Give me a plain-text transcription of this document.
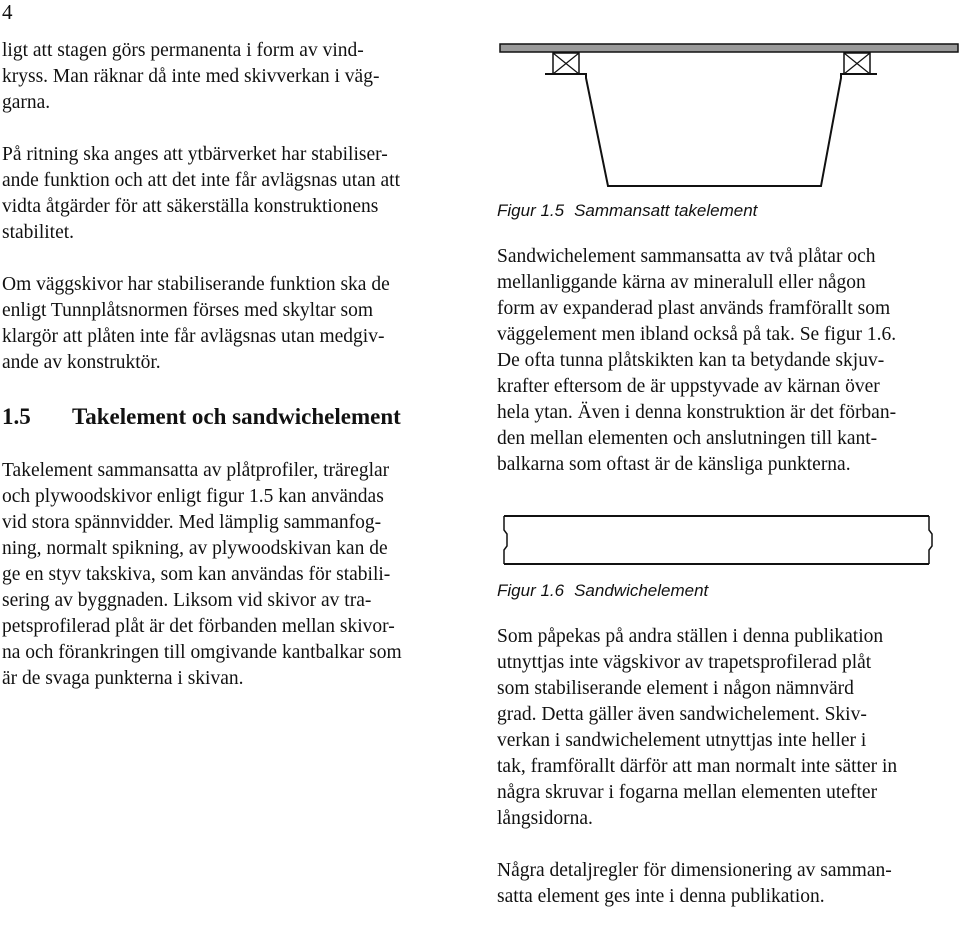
4

ligt att stagen görs permanenta i form av vind-
kryss. Man räknar då inte med skivverkan i väg-
garna.

På ritning ska anges att ytbärverket har stabiliser-
ande funktion och att det inte får avlägsnas utan att
vidta åtgärder för att säkerställa konstruktionens
stabilitet.

Om väggskivor har stabiliserande funktion ska de
enligt Tunnplåtsnormen förses med skyltar som
klargör att plåten inte får avlägsnas utan medgiv-
ande av konstruktör.

1.5 Takelement och sandwichelement

Takelement sammansatta av plåtprofiler, träreglar
och plywoodskivor enligt figur 1.5 kan användas
vid stora spännvidder. Med lämplig sammanfog-
ning, normalt spikning, av plywoodskivan kan de
ge en styv takskiva, som kan användas för stabili-
sering av byggnaden. Liksom vid skivor av tra-
petsprofilerad plåt är det förbanden mellan skivor-
na och förankringen till omgivande kantbalkar som
är de svaga punkterna i skivan.

Figur 1.5 Sammansatt takelement

Sandwichelement sammansatta av två plåtar och
mellanliggande kärna av mineralull eller någon
form av expanderad plast används framförallt som
väggelement men ibland också på tak. Se figur 1.6.
De ofta tunna plåtskikten kan ta betydande skjuv-
krafter eftersom de är uppstyvade av kärnan över
hela ytan. Även i denna konstruktion är det förban-
den mellan elementen och anslutningen till kant-
balkarna som oftast är de känsliga punkterna.

Figur 1.6 Sandwichelement

Som påpekas på andra ställen i denna publikation
utnyttjas inte vägskivor av trapetsprofilerad plåt
som stabiliserande element i någon nämnvärd
grad. Detta gäller även sandwichelement. Skiv-
verkan i sandwichelement utnyttjas inte heller i
tak, framförallt därför att man normalt inte sätter in
några skruvar i fogarna mellan elementen utefter
långsidorna.

Några detaljregler för dimensionering av samman-
satta element ges inte i denna publikation.
